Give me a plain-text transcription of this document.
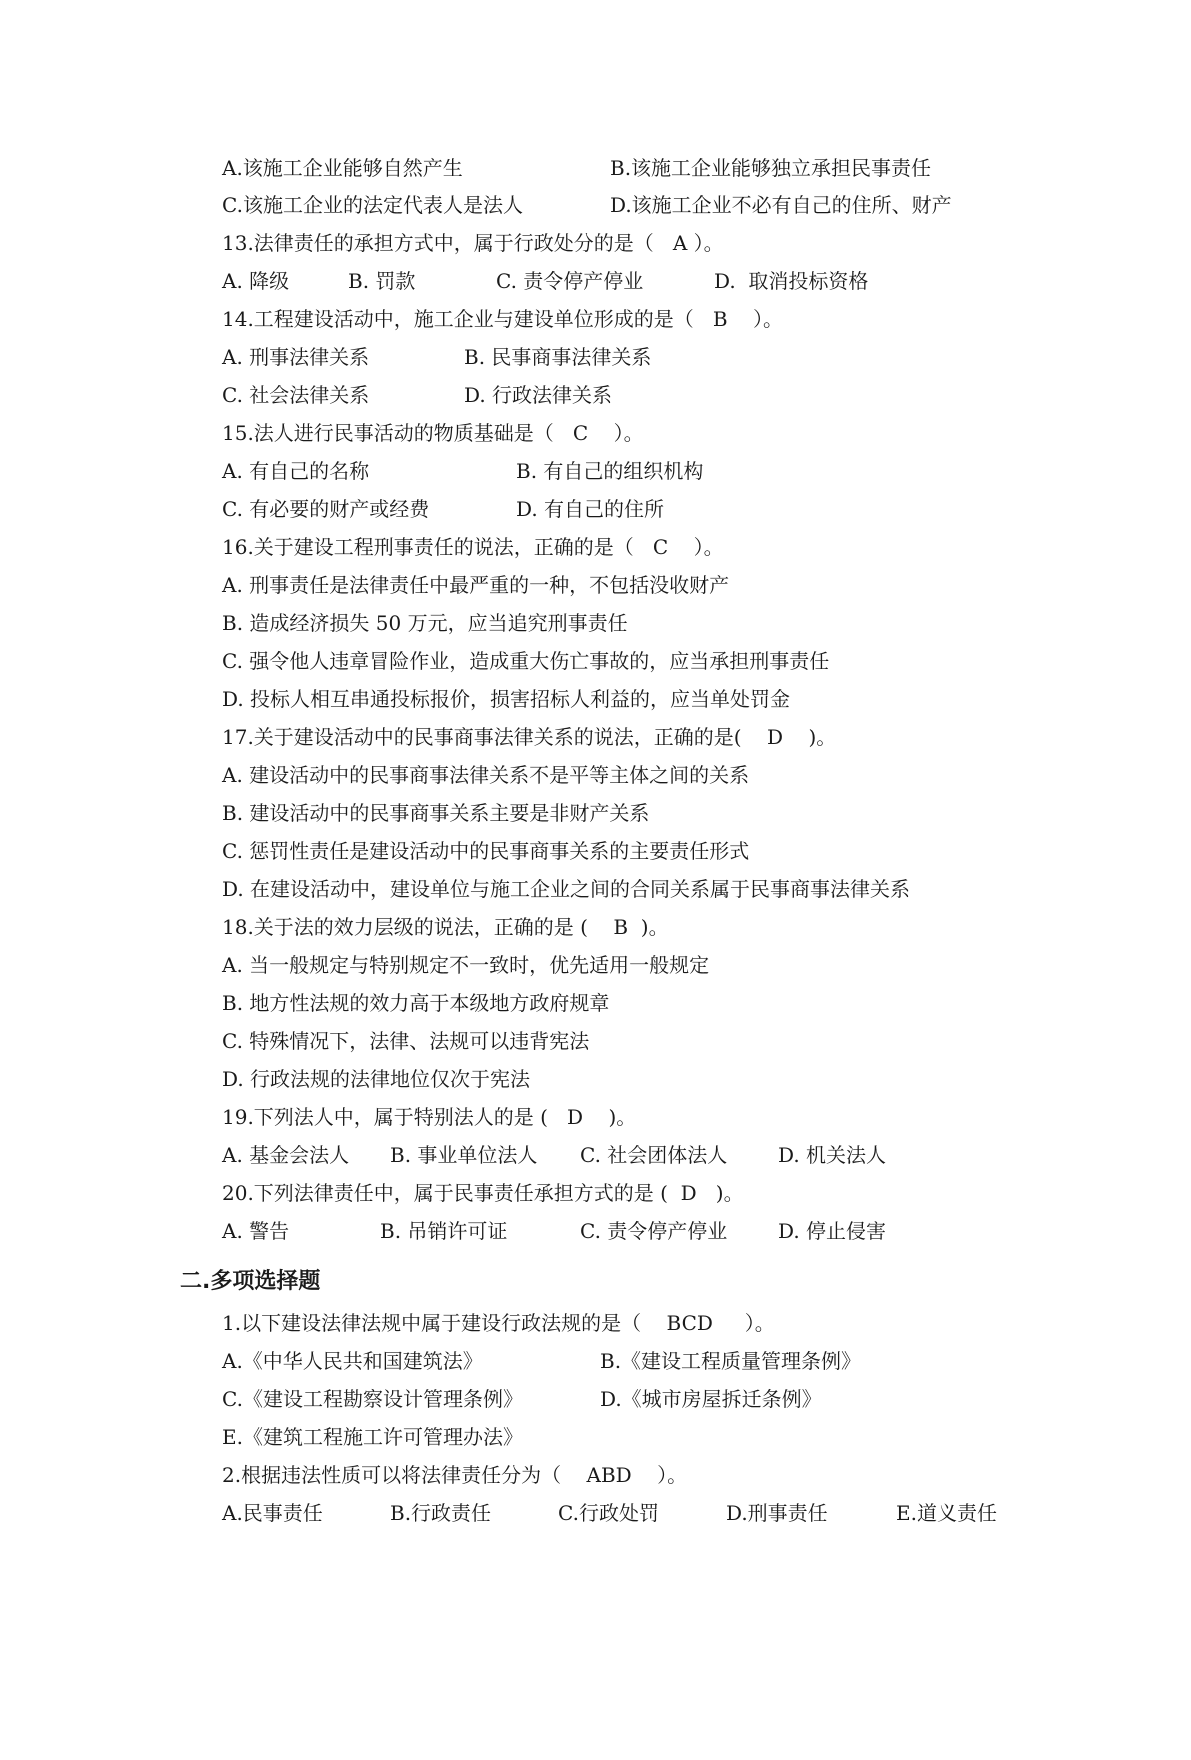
A.该施工企业能够自然产生

	B.该施工企业能够独立承担民事责任

C.该施工企业的法定代表人是法人

	D.该施工企业不必有自己的住所、财产

13.法律责任的承担方式中，属于行政处分的是（   A ）。

A. 降级

	B. 罚款

	C. 责令停产停业

	D.  取消投标资格

14.工程建设活动中，施工企业与建设单位形成的是（   B    ）。

A. 刑事法律关系

	B. 民事商事法律关系

C. 社会法律关系

	D. 行政法律关系

15.法人进行民事活动的物质基础是（   C    ）。

A. 有自己的名称

	B. 有自己的组织机构

C. 有必要的财产或经费

	D. 有自己的住所

16.关于建设工程刑事责任的说法，正确的是（   C    ）。
A. 刑事责任是法律责任中最严重的一种，不包括没收财产
B. 造成经济损失 50 万元，应当追究刑事责任
C. 强令他人违章冒险作业，造成重大伤亡事故的，应当承担刑事责任
D. 投标人相互串通投标报价，损害招标人利益的，应当单处罚金
17.关于建设活动中的民事商事法律关系的说法，正确的是(    D    )。
A. 建设活动中的民事商事法律关系不是平等主体之间的关系
B. 建设活动中的民事商事关系主要是非财产关系
C. 惩罚性责任是建设活动中的民事商事关系的主要责任形式
D. 在建设活动中，建设单位与施工企业之间的合同关系属于民事商事法律关系
18.关于法的效力层级的说法，正确的是 (    B  )。
A. 当一般规定与特别规定不一致时，优先适用一般规定
B. 地方性法规的效力高于本级地方政府规章
C. 特殊情况下，法律、法规可以违背宪法
D. 行政法规的法律地位仅次于宪法
19.下列法人中，属于特别法人的是 (   D    )。

A. 基金会法人

B. 事业单位法人

C. 社会团体法人

	D. 机关法人

20.下列法律责任中，属于民事责任承担方式的是 (  D   )。

A. 警告

	B. 吊销许可证

	C. 责令停产停业

	D. 停止侵害

二.多项选择题
1.以下建设法律法规中属于建设行政法规的是（    BCD     ）。

A.《中华人民共和国建筑法》

	B.《建设工程质量管理条例》

C.《建设工程勘察设计管理条例》

	D.《城市房屋拆迁条例》

E.《建筑工程施工许可管理办法》
2.根据违法性质可以将法律责任分为（    ABD    ）。

A.民事责任

	B.行政责任

	C.行政处罚

	D.刑事责任

	E.道义责任
